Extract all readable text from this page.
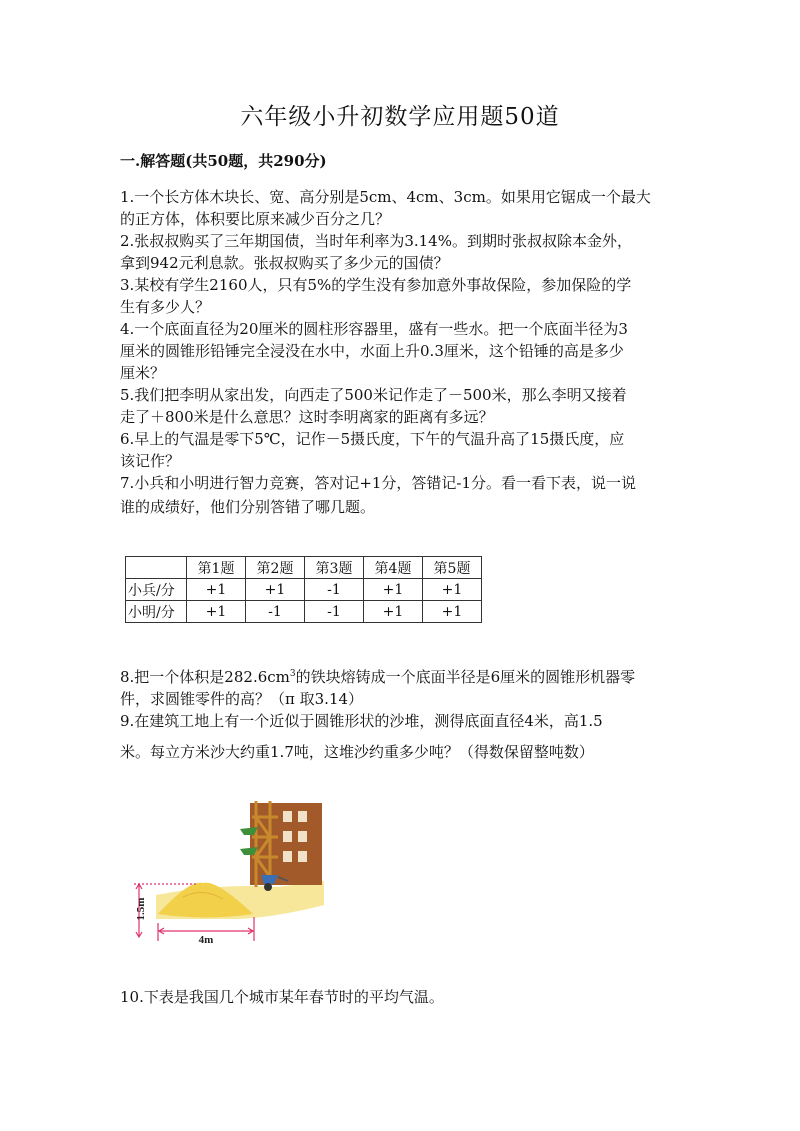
六年级小升初数学应用题50道
一.解答题(共50题，共290分)

1.一个长方体木块长、宽、高分别是5cm、4cm、3cm。如果用它锯成一个最大

的正方体，体积要比原来减少百分之几？

2.张叔叔购买了三年期国债，当时年利率为3.14%。到期时张叔叔除本金外，

拿到942元利息款。张叔叔购买了多少元的国债？

3.某校有学生2160人，只有5%的学生没有参加意外事故保险，参加保险的学

生有多少人？

4.一个底面直径为20厘米的圆柱形容器里，盛有一些水。把一个底面半径为3

厘米的圆锥形铅锤完全浸没在水中，水面上升0.3厘米，这个铅锤的高是多少

厘米？

5.我们把李明从家出发，向西走了500米记作走了－500米，那么李明又接着

走了＋800米是什么意思？这时李明离家的距离有多远？

6.早上的气温是零下5℃，记作－5摄氏度，下午的气温升高了15摄氏度，应

该记作？

7.小兵和小明进行智力竞赛，答对记+1分，答错记-1分。看一看下表，说一说

谁的成绩好，他们分别答错了哪几题。

	第1题	第2题	第3题	第4题	第5题
小兵/分	+1	+1	-1	+1	+1
小明/分	+1	-1	-1	+1	+1

8.把一个体积是$282.6cm^3$的铁块熔铸成一个底面半径是6厘米的圆锥形机器零

件，求圆锥零件的高？（π 取3.14）

9.在建筑工地上有一个近似于圆锥形状的沙堆，测得底面直径4米，高1.5

米。每立方米沙大约重1.7吨，这堆沙约重多少吨？（得数保留整吨数）

1.5m
4m

10.下表是我国几个城市某年春节时的平均气温。
